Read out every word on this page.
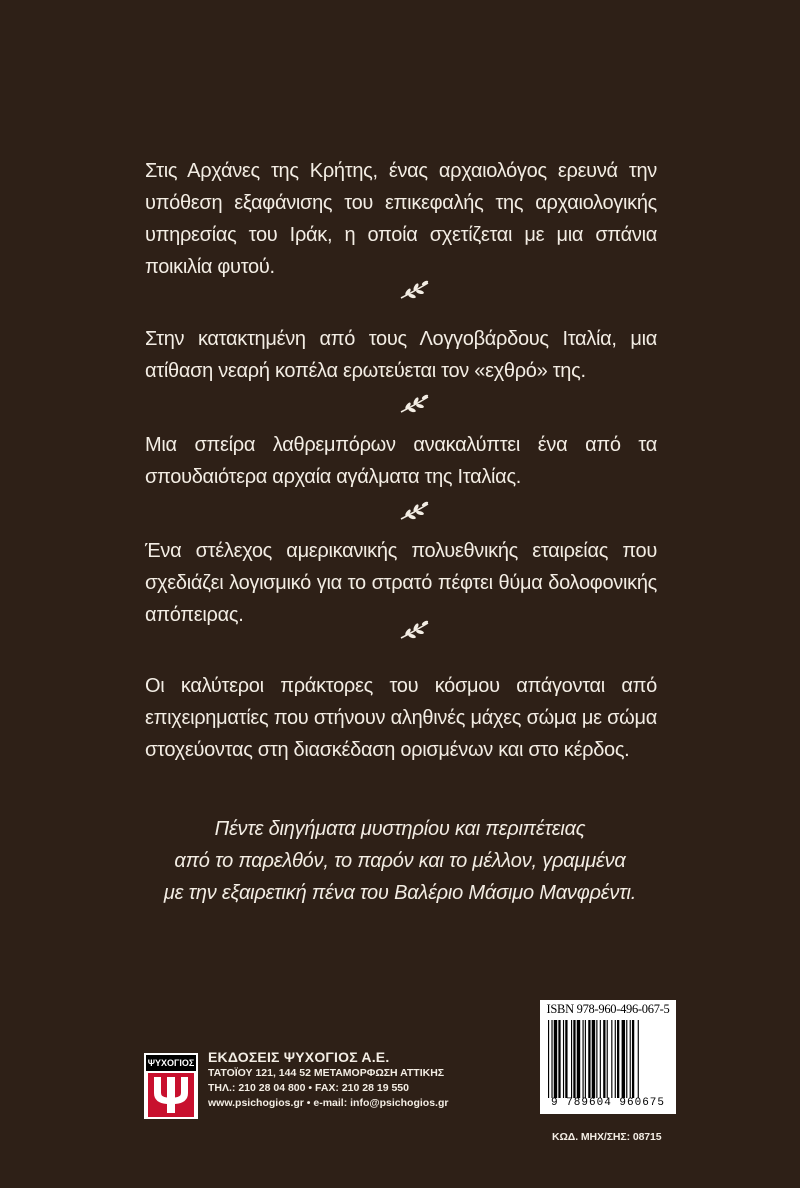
Στις Αρχάνες της Κρήτης, ένας αρχαιολόγος ερευνά την υπόθεση εξαφάνισης του επικεφαλής της αρχαιολογικής υπηρεσίας του Ιράκ, η οποία σχετίζεται με μια σπάνια ποικιλία φυτού.
Στην κατακτημένη από τους Λογγοβάρδους Ιταλία, μια ατίθαση νεαρή κοπέλα ερωτεύεται τον «εχθρό» της.
Μια σπείρα λαθρεμπόρων ανακαλύπτει ένα από τα σπουδαιότερα αρχαία αγάλματα της Ιταλίας.
Ένα στέλεχος αμερικανικής πολυεθνικής εταιρείας που σχεδιάζει λογισμικό για το στρατό πέφτει θύμα δολοφονικής απόπειρας.
Οι καλύτεροι πράκτορες του κόσμου απάγονται από επιχειρηματίες που στήνουν αληθινές μάχες σώμα με σώμα στοχεύοντας στη διασκέδαση ορισμένων και στο κέρδος.
Πέντε διηγήματα μυστηρίου και περιπέτειας
από το παρελθόν, το παρόν και το μέλλον, γραμμένα
με την εξαιρετική πένα του Βαλέριο Μάσιμο Μανφρέντι.
ΨΥΧΟΓΙΟΣ ΕΚΔΟΣΕΙΣ ΨΥΧΟΓΙΟΣ Α.Ε.
ΤΑΤΟΪΟΥ 121, 144 52 ΜΕΤΑΜΟΡΦΩΣΗ ΑΤΤΙΚΗΣ
ΤΗΛ.: 210 28 04 800 • FAX: 210 28 19 550
www.psichogios.gr • e-mail: info@psichogios.gr
ISBN 978-960-496-067-5
9 789604 960675
ΚΩΔ. ΜΗΧ/ΣΗΣ: 08715
